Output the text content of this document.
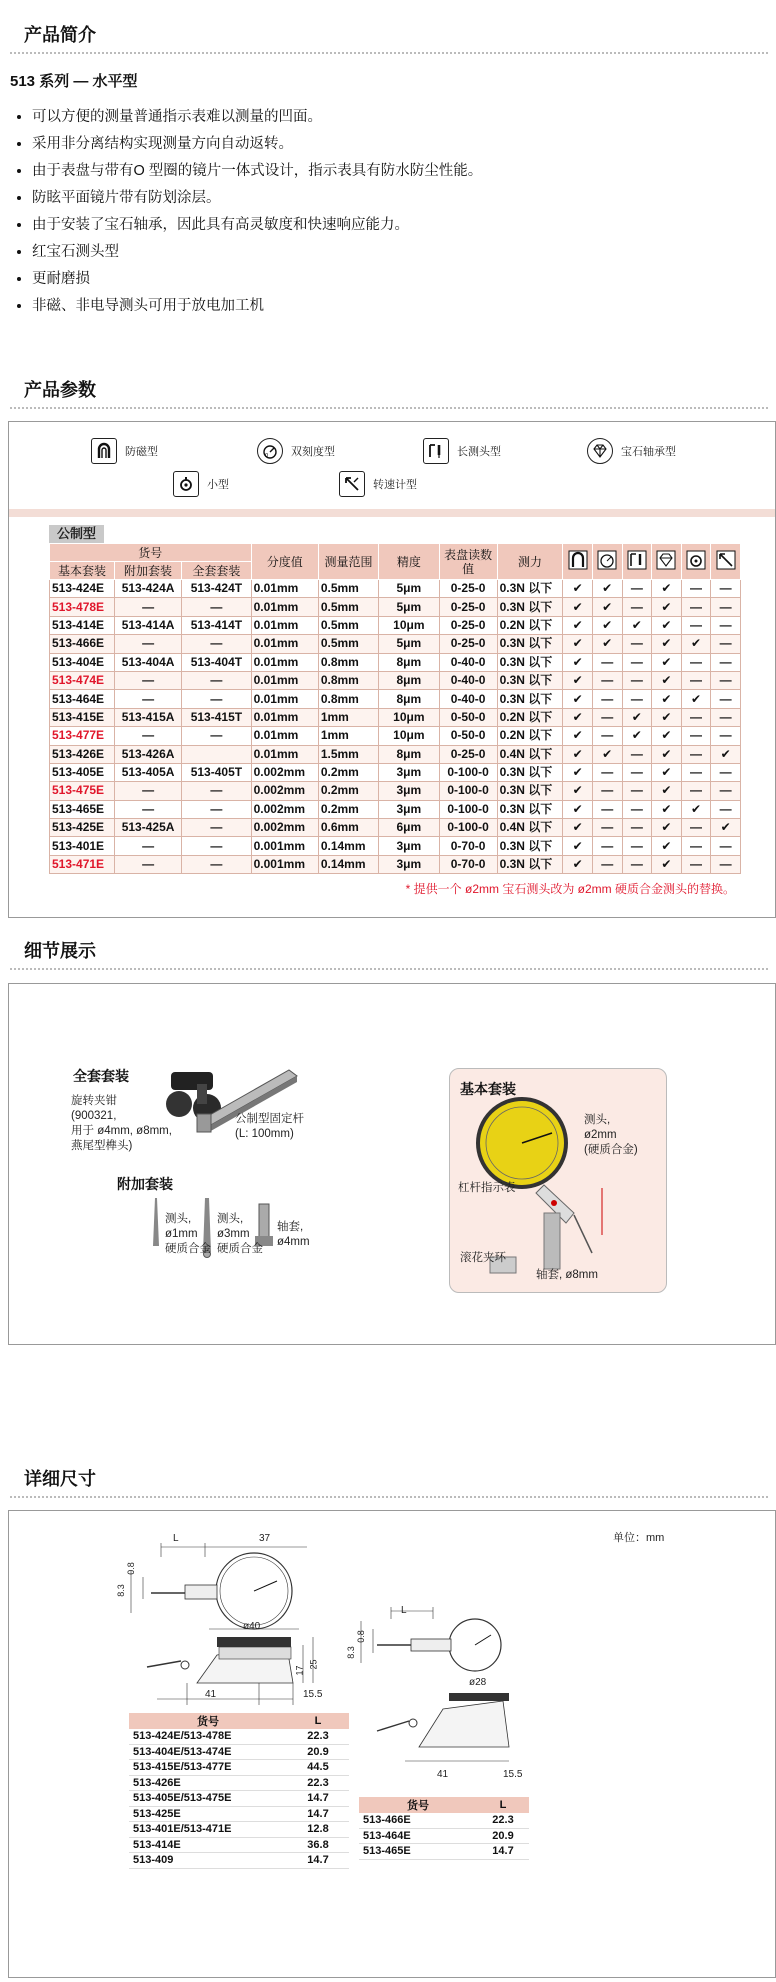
产品简介
513 系列 — 水平型
• 可以方便的测量普通指示表难以测量的凹面。
• 采用非分离结构实现测量方向自动返转。
• 由于表盘与带有O 型圈的镜片一体式设计，指示表具有防水防尘性能。
• 防眩平面镜片带有防划涂层。
• 由于安装了宝石轴承，因此具有高灵敏度和快速响应能力。
• 红宝石测头型
• 更耐磨损
• 非磁、非电导测头可用于放电加工机
产品参数
防磁型	0 双刻度型	长测头型	宝石轴承型
小型	转速计型
公制型
货号			分度值	测量范围	精度	表盘读数值	测力						
基本套装	附加套装	全套套装											
513-424E	513-424A	513-424T	0.01mm	0.5mm	5μm	0-25-0	0.3N 以下	✔	✔	—	✔	—	—
513-478E	—	—	0.01mm	0.5mm	5μm	0-25-0	0.3N 以下	✔	✔	—	✔	—	—
513-414E	513-414A	513-414T	0.01mm	0.5mm	10μm	0-25-0	0.2N 以下	✔	✔	✔	✔	—	—
513-466E	—	—	0.01mm	0.5mm	5μm	0-25-0	0.3N 以下	✔	✔	—	✔	✔	—
513-404E	513-404A	513-404T	0.01mm	0.8mm	8μm	0-40-0	0.3N 以下	✔	—	—	✔	—	—
513-474E	—	—	0.01mm	0.8mm	8μm	0-40-0	0.3N 以下	✔	—	—	✔	—	—
513-464E	—	—	0.01mm	0.8mm	8μm	0-40-0	0.3N 以下	✔	—	—	✔	✔	—
513-415E	513-415A	513-415T	0.01mm	1mm	10μm	0-50-0	0.2N 以下	✔	—	✔	✔	—	—
513-477E	—	—	0.01mm	1mm	10μm	0-50-0	0.2N 以下	✔	—	✔	✔	—	—
513-426E	513-426A		0.01mm	1.5mm	8μm	0-25-0	0.4N 以下	✔	✔	—	✔	—	✔
513-405E	513-405A	513-405T	0.002mm	0.2mm	3μm	0-100-0	0.3N 以下	✔	—	—	✔	—	—
513-475E	—	—	0.002mm	0.2mm	3μm	0-100-0	0.3N 以下	✔	—	—	✔	—	—
513-465E	—	—	0.002mm	0.2mm	3μm	0-100-0	0.3N 以下	✔	—	—	✔	✔	—
513-425E	513-425A	—	0.002mm	0.6mm	6μm	0-100-0	0.4N 以下	✔	—	—	✔	—	✔
513-401E	—	—	0.001mm	0.14mm	3μm	0-70-0	0.3N 以下	✔	—	—	✔	—	—
513-471E	—	—	0.001mm	0.14mm	3μm	0-70-0	0.3N 以下	✔	—	—	✔	—	—
* 提供一个 ø2mm 宝石测头改为 ø2mm 硬质合金测头的替换。
细节展示
全套套装
旋转夹钳
(900321,
用于 ø4mm, ø8mm,
燕尾型榫头)
公制型固定杆
(L: 100mm)
附加套装
测头,
ø1mm
硬质合金
测头,
ø3mm
硬质合金
轴套,
ø4mm
基本套装
测头,
ø2mm
(硬质合金)
杠杆指示表
滚花夹环
轴套, ø8mm
详细尺寸
单位：mm
L	37
0.8
8.3
ø40
17
25
41	15.5
货号	L
513-424E/513-478E	22.3
513-404E/513-474E	20.9
513-415E/513-477E	44.5
513-426E	22.3
513-405E/513-475E	14.7
513-425E	14.7
513-401E/513-471E	12.8
513-414E	36.8
513-409	14.7
L
0.8
8.3
ø28
41	15.5
货号	L
513-466E	22.3
513-464E	20.9
513-465E	14.7
